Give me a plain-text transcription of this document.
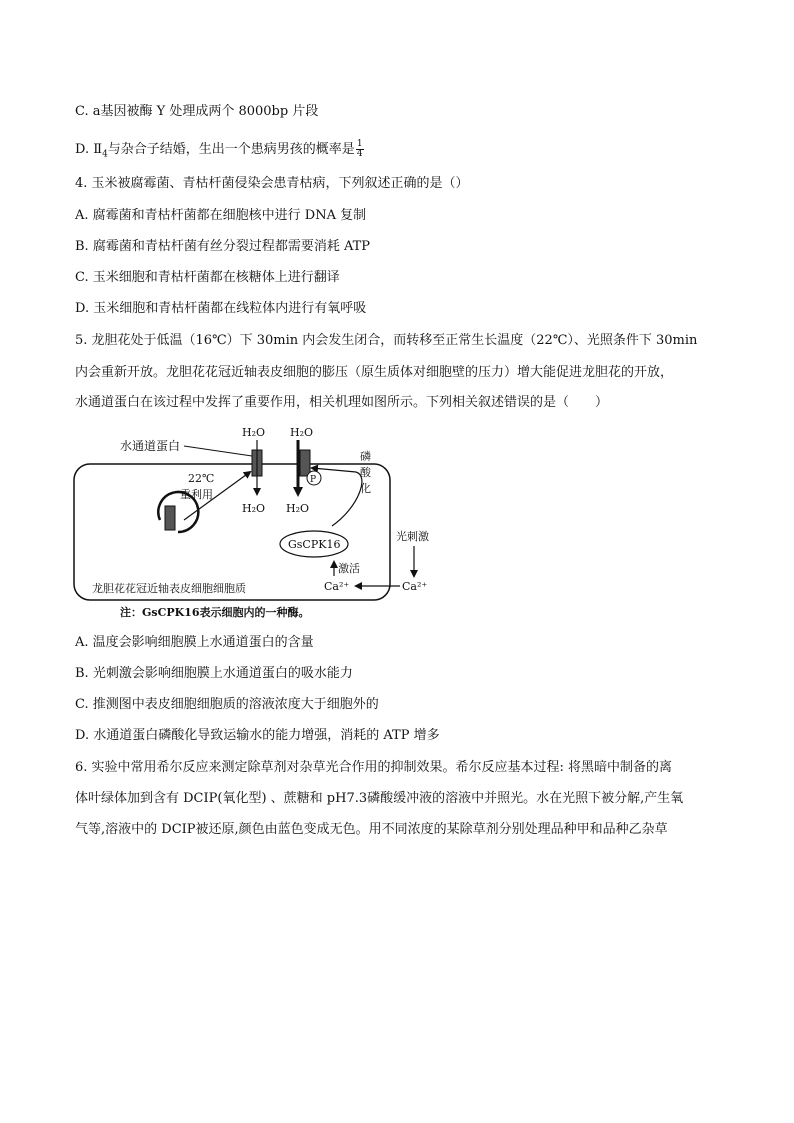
C. a基因被酶 Y 处理成两个 8000bp 片段
D. $Ⅱ_4$与杂合子结婚，生出一个患病男孩的概率是 $\frac{1}{4}$
4. 玉米被腐霉菌、青枯杆菌侵染会患青枯病，下列叙述正确的是（）
A. 腐霉菌和青枯杆菌都在细胞核中进行 DNA 复制
B. 腐霉菌和青枯杆菌有丝分裂过程都需要消耗 ATP
C. 玉米细胞和青枯杆菌都在核糖体上进行翻译
D. 玉米细胞和青枯杆菌都在线粒体内进行有氧呼吸
5. 龙胆花处于低温（16℃）下 30min 内会发生闭合，而转移至正常生长温度（22℃）、光照条件下 30min
内会重新开放。龙胆花花冠近轴表皮细胞的膨压（原生质体对细胞壁的压力）增大能促进龙胆花的开放，
水通道蛋白在该过程中发挥了重要作用，相关机理如图所示。下列相关叙述错误的是（　　）
水通道蛋白
H₂O H₂O
H₂O H₂O
22℃
重利用
P
磷
酸
化
GsCPK16
激活
Ca²⁺	Ca²⁺
光刺激
龙胆花花冠近轴表皮细胞细胞质
注：GsCPK16表示细胞内的一种酶。
A. 温度会影响细胞膜上水通道蛋白的含量
B. 光刺激会影响细胞膜上水通道蛋白的吸水能力
C. 推测图中表皮细胞细胞质的溶液浓度大于细胞外的
D. 水通道蛋白磷酸化导致运输水的能力增强，消耗的 ATP 增多
6. 实验中常用希尔反应来测定除草剂对杂草光合作用的抑制效果。希尔反应基本过程: 将黑暗中制备的离
体叶绿体加到含有 DCIP(氧化型) 、蔗糖和 pH7.3磷酸缓冲液的溶液中并照光。水在光照下被分解,产生氧
气等,溶液中的 DCIP被还原,颜色由蓝色变成无色。用不同浓度的某除草剂分别处理品种甲和品种乙杂草
